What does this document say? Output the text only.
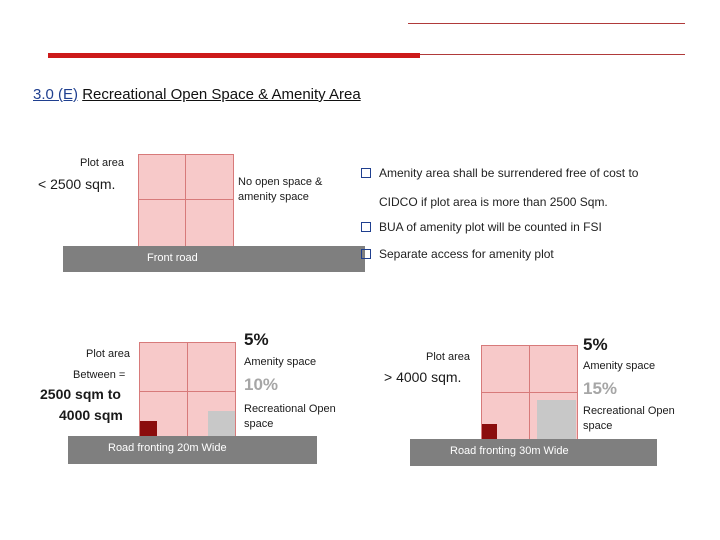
3.0 (E) Recreational Open Space & Amenity Area
Plot area
< 2500 sqm.	No open space &
amenity space
Front road
Amenity area shall be surrendered free of cost to
CIDCO if plot area is more than 2500 Sqm.
BUA of amenity plot will be counted in FSI
Separate access for amenity plot
Plot area
Between =
2500 sqm to
4000 sqm
5%
Amenity space
10%
Recreational Open
space
Road fronting 20m Wide
Plot area
> 4000 sqm.
5%
Amenity space
15%
Recreational Open
space
Road fronting 30m Wide
